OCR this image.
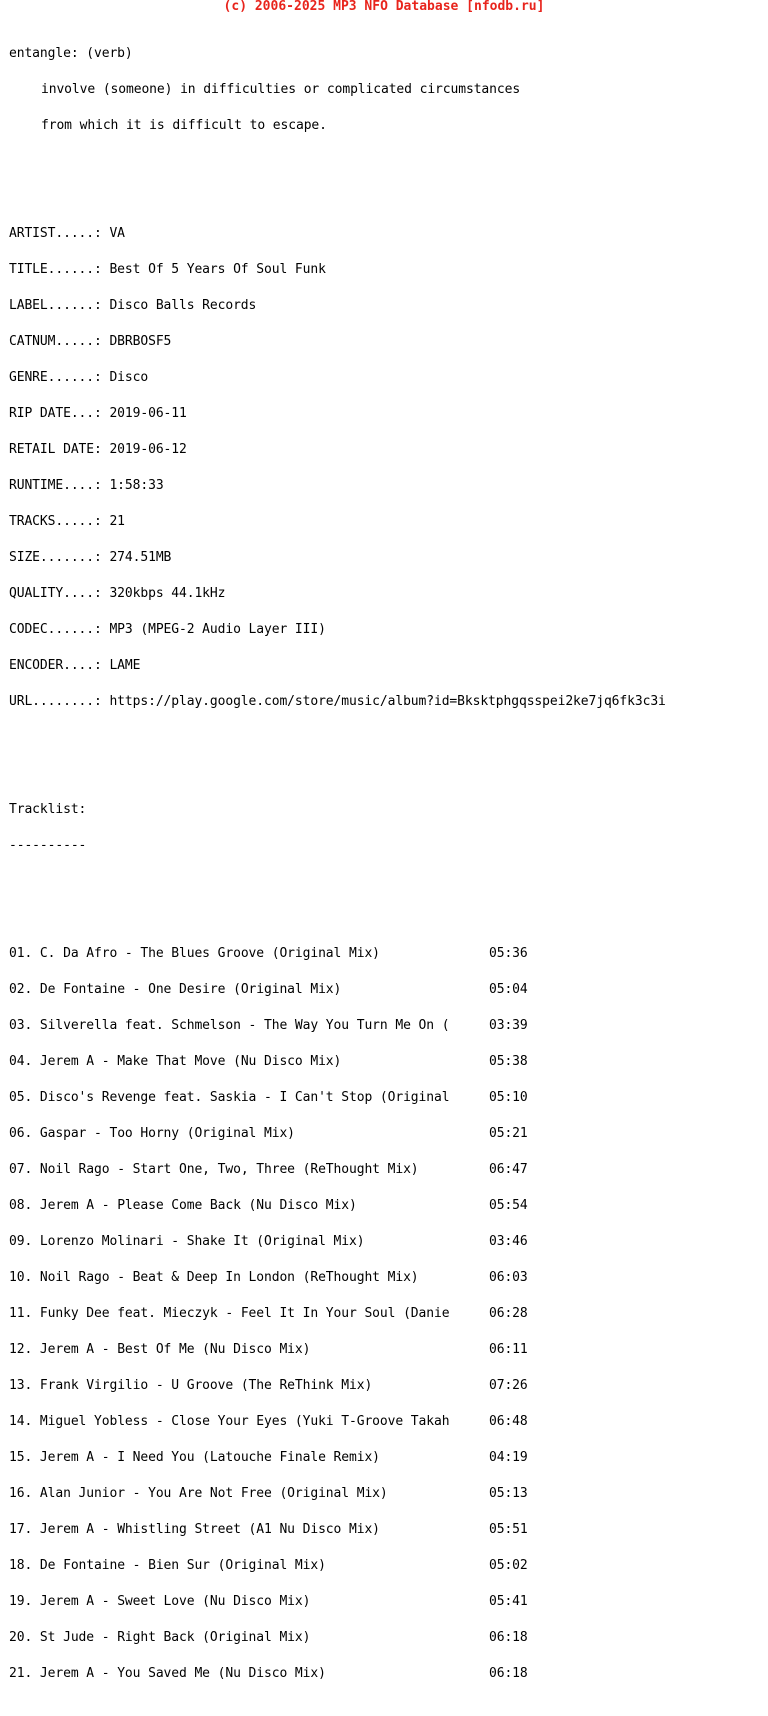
(c) 2006-2025 MP3 NFO Database [nfodb.ru]

entangle: (verb)

involve (someone) in difficulties or complicated circumstances

from which it is difficult to escape.

ARTIST.....: VA

TITLE......: Best Of 5 Years Of Soul Funk

LABEL......: Disco Balls Records

CATNUM.....: DBRBOSF5

GENRE......: Disco

RIP DATE...: 2019-06-11

RETAIL DATE: 2019-06-12

RUNTIME....: 1:58:33

TRACKS.....: 21

SIZE.......: 274.51MB

QUALITY....: 320kbps 44.1kHz

CODEC......: MP3 (MPEG-2 Audio Layer III)

ENCODER....: LAME

URL........: https://play.google.com/store/music/album?id=Bksktphgqsspei2ke7jq6fk3c3i

Tracklist:

----------

01. C. Da Afro - The Blues Groove (Original Mix)	05:36

02. De Fontaine - One Desire (Original Mix)	05:04

03. Silverella feat. Schmelson - The Way You Turn Me On (	03:39

04. Jerem A - Make That Move (Nu Disco Mix)	05:38

05. Disco's Revenge feat. Saskia - I Can't Stop (Original	05:10

06. Gaspar - Too Horny (Original Mix)	05:21

07. Noil Rago - Start One, Two, Three (ReThought Mix)	06:47

08. Jerem A - Please Come Back (Nu Disco Mix)	05:54

09. Lorenzo Molinari - Shake It (Original Mix)	03:46

10. Noil Rago - Beat & Deep In London (ReThought Mix)	06:03

11. Funky Dee feat. Mieczyk - Feel It In Your Soul (Danie	06:28

12. Jerem A - Best Of Me (Nu Disco Mix)	06:11

13. Frank Virgilio - U Groove (The ReThink Mix)	07:26

14. Miguel Yobless - Close Your Eyes (Yuki T-Groove Takah	06:48

15. Jerem A - I Need You (Latouche Finale Remix)	04:19

16. Alan Junior - You Are Not Free (Original Mix)	05:13

17. Jerem A - Whistling Street (A1 Nu Disco Mix)	05:51

18. De Fontaine - Bien Sur (Original Mix)	05:02

19. Jerem A - Sweet Love (Nu Disco Mix)	05:41

20. St Jude - Right Back (Original Mix)	06:18

21. Jerem A - You Saved Me (Nu Disco Mix)	06:18
